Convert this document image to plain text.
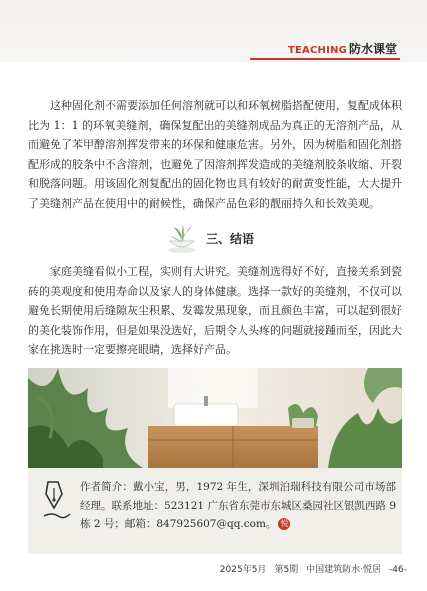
TEACHING 防水课堂

这种固化剂不需要添加任何溶剂就可以和环氧树脂搭配使用，复配成体积比为 1：1 的环氧美缝剂，确保复配出的美缝剂成品为真正的无溶剂产品，从而避免了苯甲醇溶剂挥发带来的环保和健康危害。另外，因为树脂和固化剂搭配形成的胶条中不含溶剂，也避免了因溶剂挥发造成的美缝剂胶条收缩、开裂和脱落问题。用该固化剂复配出的固化物也具有较好的耐黄变性能，大大提升了美缝剂产品在使用中的耐候性，确保产品色彩的靓丽持久和长效美观。

三、结语

家庭美缝看似小工程，实则有大讲究。美缝剂选得好不好，直接关系到瓷砖的美观度和使用寿命以及家人的身体健康。选择一款好的美缝剂，不仅可以避免长期使用后缝隙灰尘积累、发霉发黑现象，而且颜色丰富，可以起到很好的美化装饰作用，但是如果没选好，后期令人头疼的问题就接踵而至，因此大家在挑选时一定要擦亮眼睛，选择好产品。

作者简介：戴小宝，男，1972 年生，深圳泊瑞科技有限公司市场部经理。联系地址：523121 广东省东莞市东城区桑园社区银凯西路 9 栋 2 号；邮箱：847925607@qq.com。 悦

2025年5月 第5期 中国建筑防水·悦居 -46-
